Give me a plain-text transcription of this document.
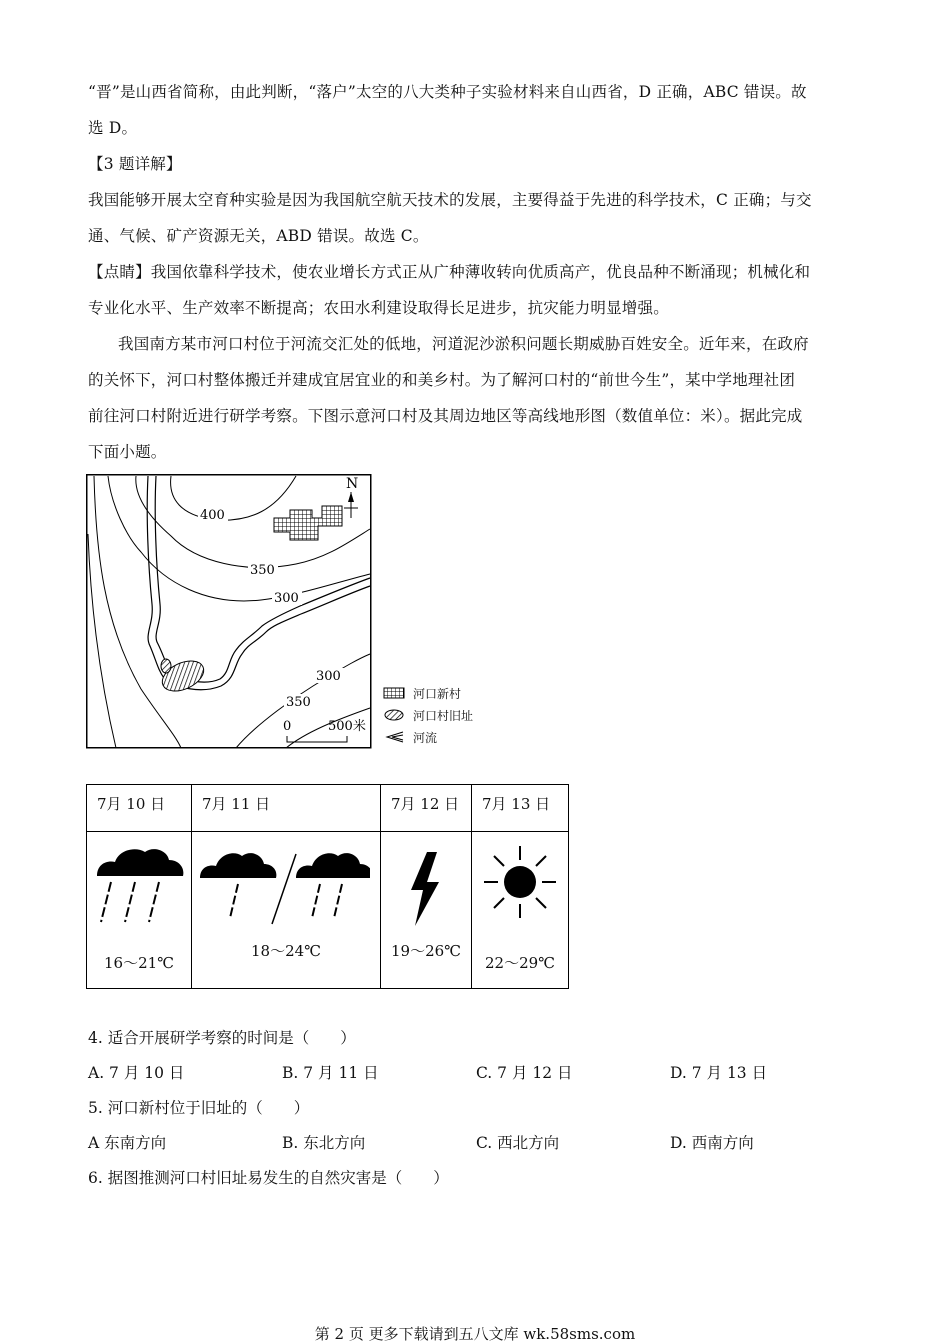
“晋”是山西省简称，由此判断，“落户”太空的八大类种子实验材料来自山西省，D 正确，ABC 错误。故
选 D。
【3 题详解】
我国能够开展太空育种实验是因为我国航空航天技术的发展，主要得益于先进的科学技术，C 正确；与交
通、气候、矿产资源无关，ABD 错误。故选 C。
【点睛】我国依靠科学技术，使农业增长方式正从广种薄收转向优质高产，优良品种不断涌现；机械化和
专业化水平、生产效率不断提高；农田水利建设取得长足进步，抗灾能力明显增强。
我国南方某市河口村位于河流交汇处的低地，河道泥沙淤积问题长期威胁百姓安全。近年来，在政府
的关怀下，河口村整体搬迁并建成宜居宜业的和美乡村。为了解河口村的“前世今生”，某中学地理社团
前往河口村附近进行研学考察。下图示意河口村及其周边地区等高线地形图（数值单位：米）。据此完成
下面小题。
400
350
300
300
350
N
0	500米
河口新村
河口村旧址
河流
7月 10 日	7月 11 日	7月 12 日	7月 13 日

16～21℃	18～24℃	19～26℃	22～29℃
4. 适合开展研学考察的时间是（　　）
A. 7 月 10 日	B. 7 月 11 日	C. 7 月 12 日	D. 7 月 13 日
5. 河口新村位于旧址的（　　）
A 东南方向	B. 东北方向	C. 西北方向	D. 西南方向
6. 据图推测河口村旧址易发生的自然灾害是（　　）
第 2 页 更多下载请到五八文库 wk.58sms.com
